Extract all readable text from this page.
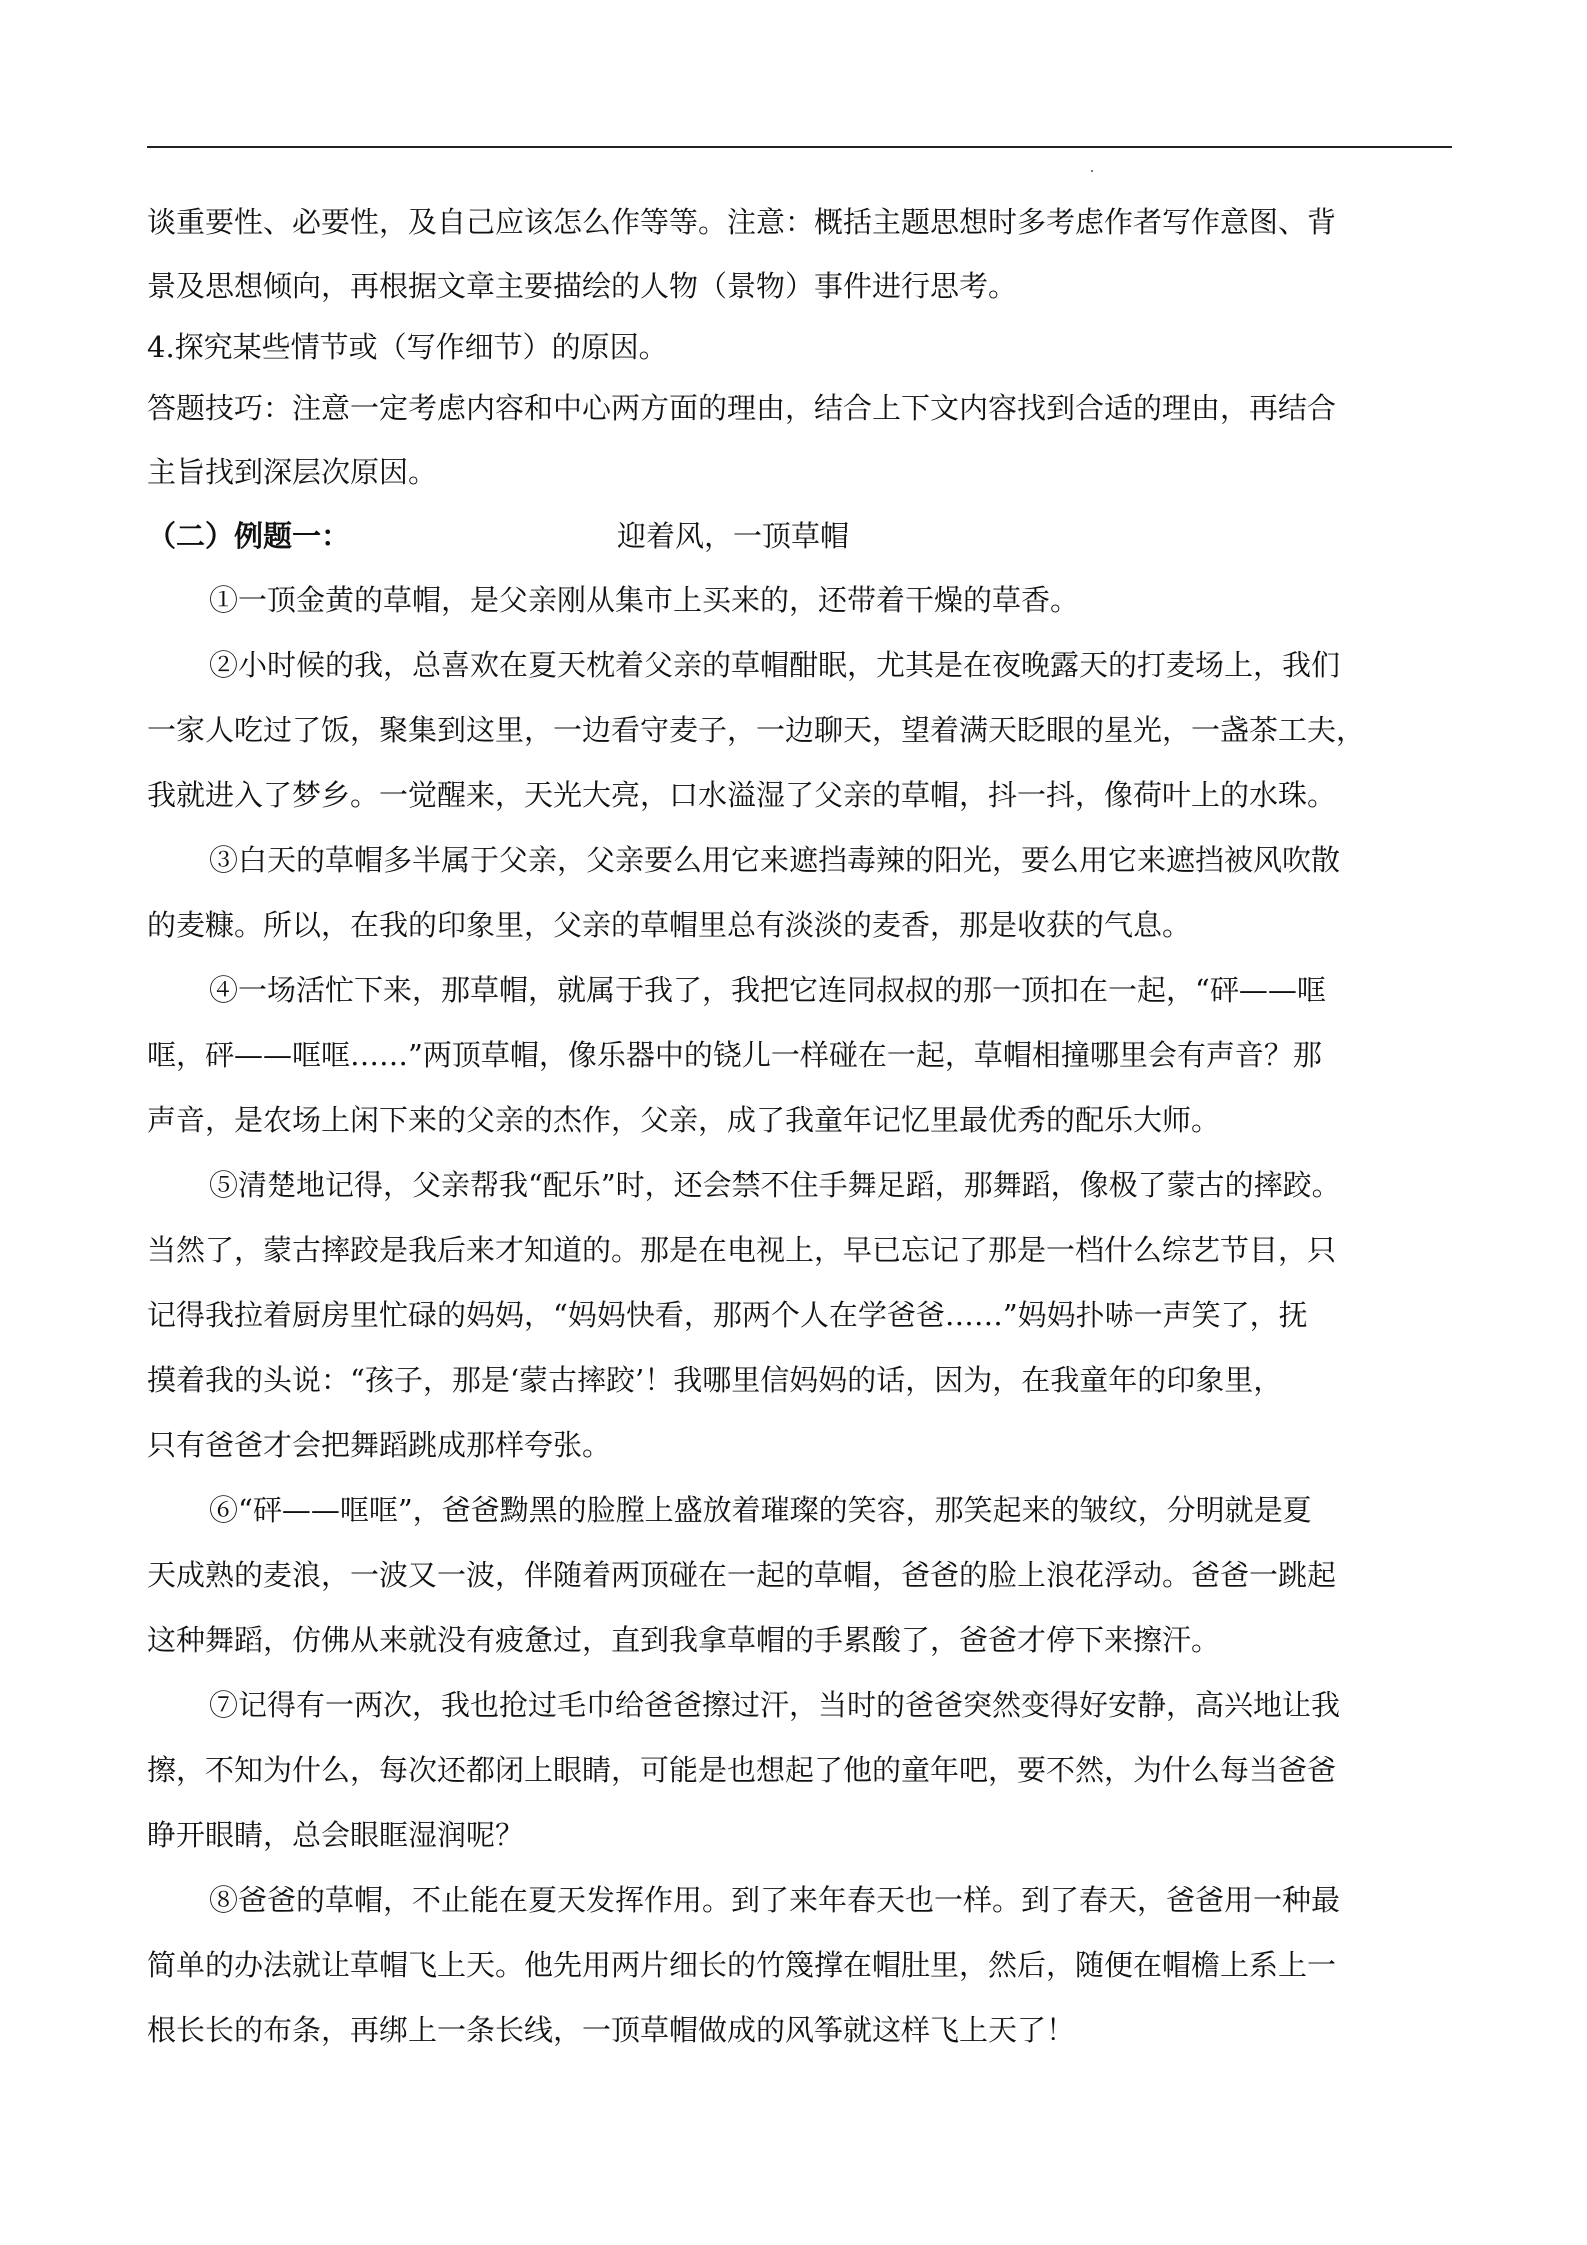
谈重要性、必要性，及自己应该怎么作等等。注意：概括主题思想时多考虑作者写作意图、背
景及思想倾向，再根据文章主要描绘的人物（景物）事件进行思考。
4.探究某些情节或（写作细节）的原因。
答题技巧：注意一定考虑内容和中心两方面的理由，结合上下文内容找到合适的理由，再结合
主旨找到深层次原因。
（二）例题一：	迎着风，一顶草帽
①一顶金黄的草帽，是父亲刚从集市上买来的，还带着干燥的草香。
②小时候的我，总喜欢在夏天枕着父亲的草帽酣眠，尤其是在夜晚露天的打麦场上，我们
一家人吃过了饭，聚集到这里，一边看守麦子，一边聊天，望着满天眨眼的星光，一盏茶工夫，
我就进入了梦乡。一觉醒来，天光大亮，口水溢湿了父亲的草帽，抖一抖，像荷叶上的水珠。
③白天的草帽多半属于父亲，父亲要么用它来遮挡毒辣的阳光，要么用它来遮挡被风吹散
的麦糠。所以，在我的印象里，父亲的草帽里总有淡淡的麦香，那是收获的气息。
④一场活忙下来，那草帽，就属于我了，我把它连同叔叔的那一顶扣在一起，“砰——哐
哐，砰——哐哐……”两顶草帽，像乐器中的铙儿一样碰在一起，草帽相撞哪里会有声音？那
声音，是农场上闲下来的父亲的杰作，父亲，成了我童年记忆里最优秀的配乐大师。
⑤清楚地记得，父亲帮我“配乐”时，还会禁不住手舞足蹈，那舞蹈，像极了蒙古的摔跤。
当然了，蒙古摔跤是我后来才知道的。那是在电视上，早已忘记了那是一档什么综艺节目，只
记得我拉着厨房里忙碌的妈妈，“妈妈快看，那两个人在学爸爸……”妈妈扑哧一声笑了，抚
摸着我的头说：“孩子，那是‘蒙古摔跤’！我哪里信妈妈的话，因为，在我童年的印象里，
只有爸爸才会把舞蹈跳成那样夸张。
⑥“砰——哐哐”，爸爸黝黑的脸膛上盛放着璀璨的笑容，那笑起来的皱纹，分明就是夏
天成熟的麦浪，一波又一波，伴随着两顶碰在一起的草帽，爸爸的脸上浪花浮动。爸爸一跳起
这种舞蹈，仿佛从来就没有疲惫过，直到我拿草帽的手累酸了，爸爸才停下来擦汗。
⑦记得有一两次，我也抢过毛巾给爸爸擦过汗，当时的爸爸突然变得好安静，高兴地让我
擦，不知为什么，每次还都闭上眼睛，可能是也想起了他的童年吧，要不然，为什么每当爸爸
睁开眼睛，总会眼眶湿润呢？
⑧爸爸的草帽，不止能在夏天发挥作用。到了来年春天也一样。到了春天，爸爸用一种最
简单的办法就让草帽飞上天。他先用两片细长的竹篾撑在帽肚里，然后，随便在帽檐上系上一
根长长的布条，再绑上一条长线，一顶草帽做成的风筝就这样飞上天了！
